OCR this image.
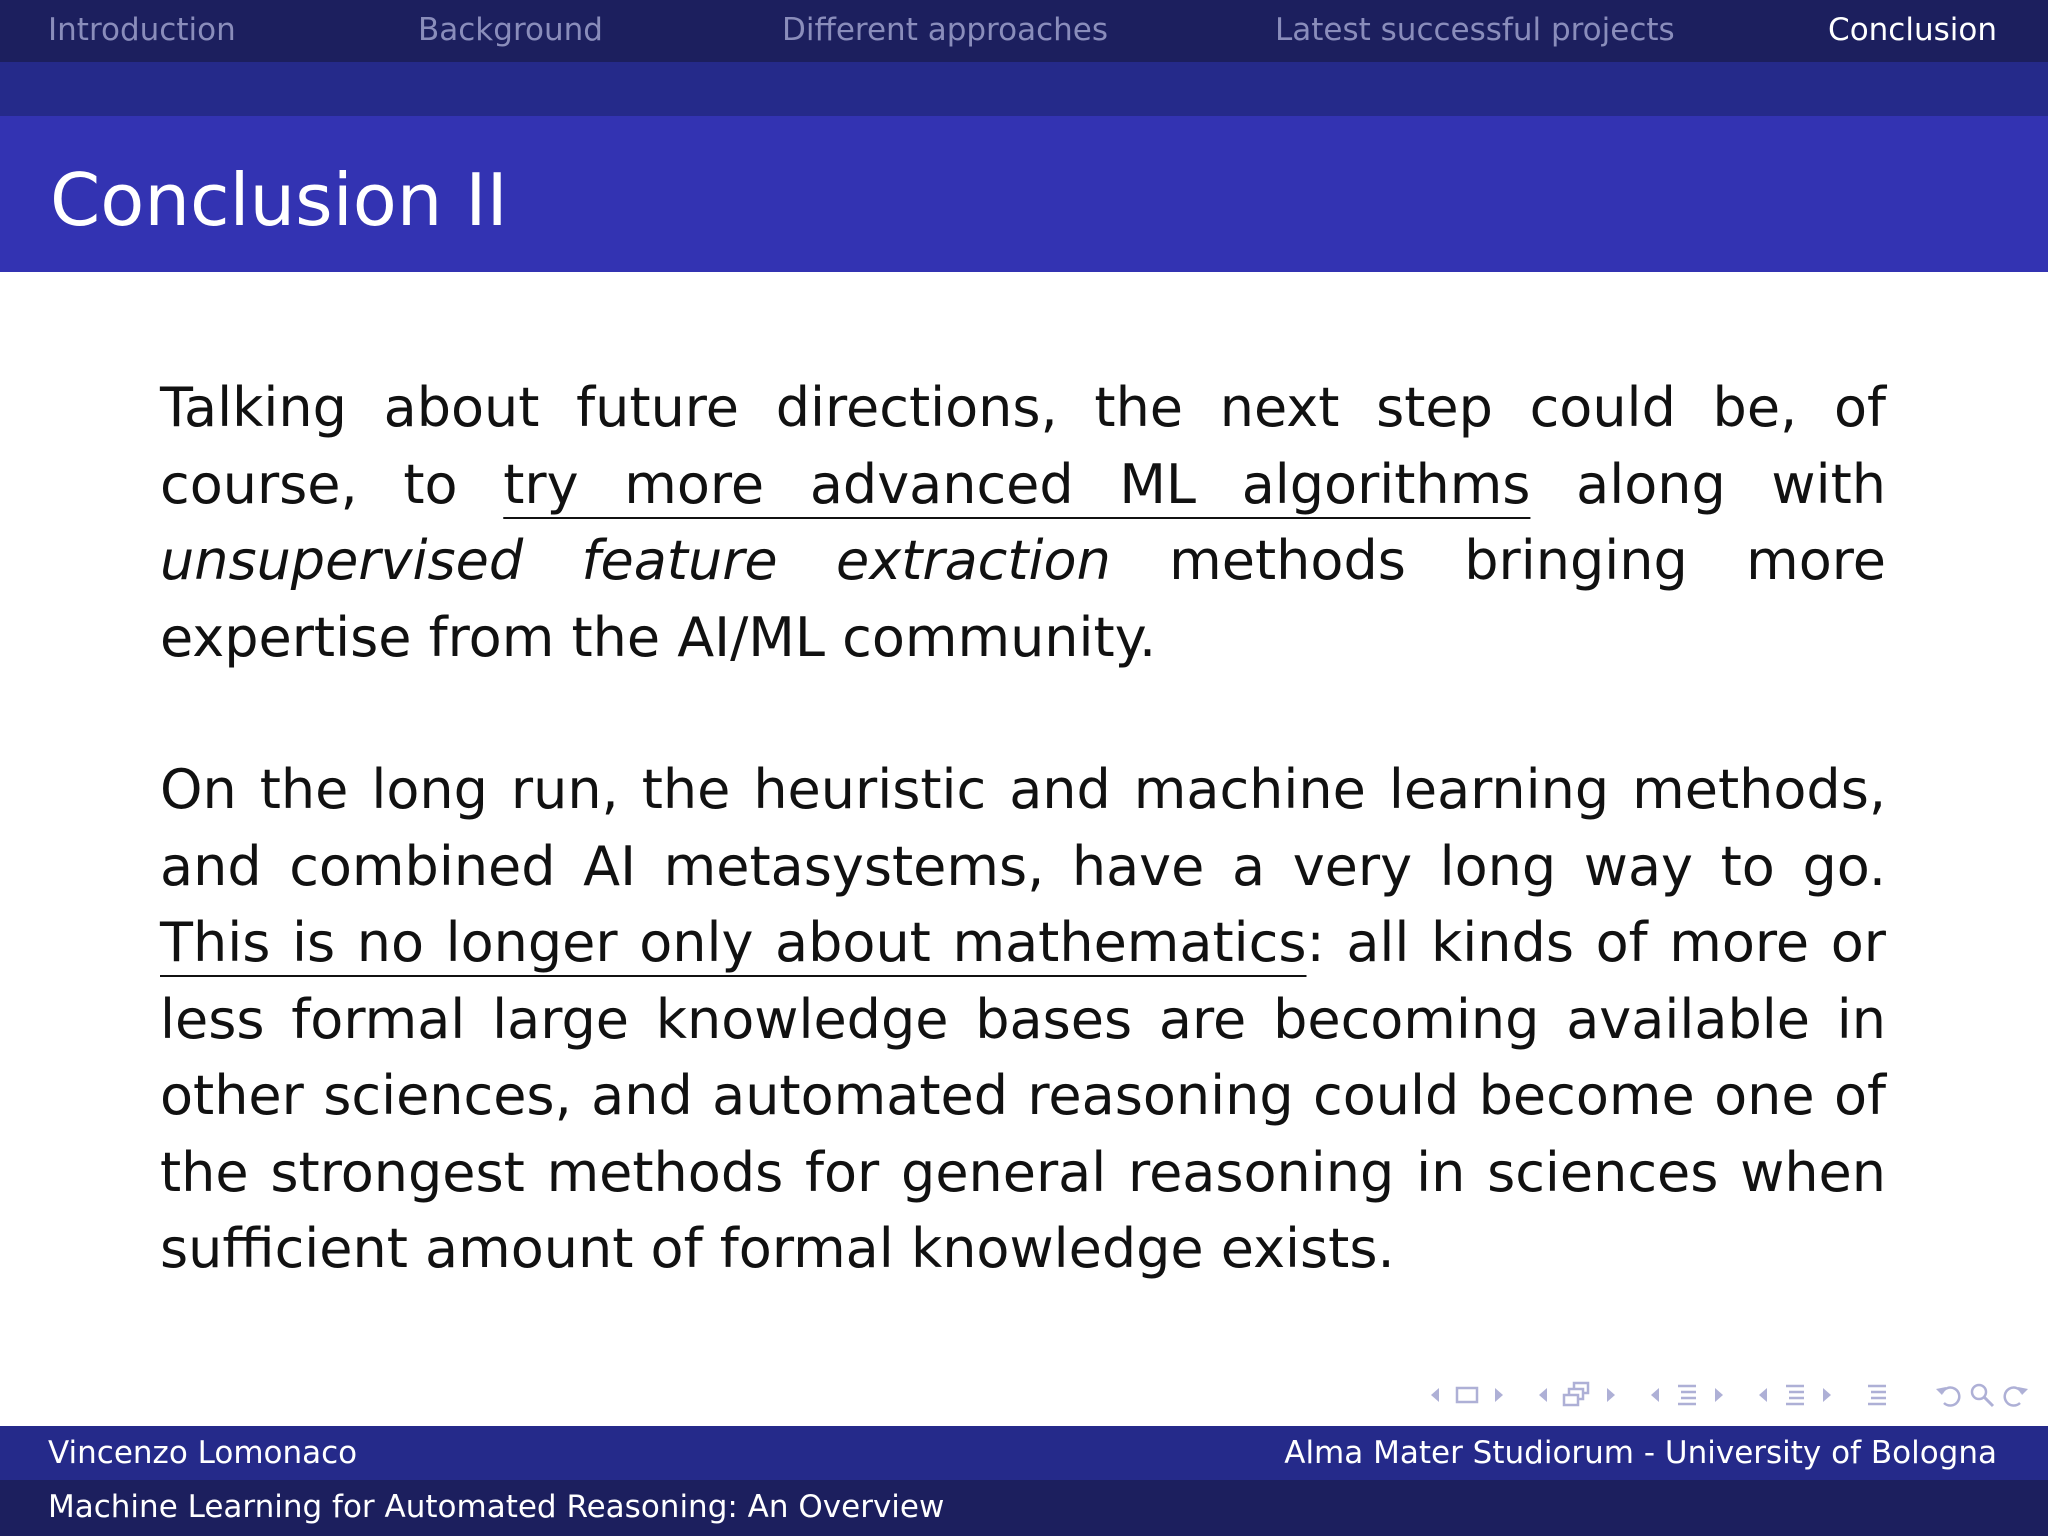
Introduction	Background	Different approaches	Latest successful projects	Conclusion
Conclusion II

Talking about future directions, the next step could be, of course, to try more advanced ML algorithms along with unsupervised feature extraction methods bringing more expertise from the AI/ML community.

On the long run, the heuristic and machine learning methods, and combined AI metasystems, have a very long way to go. This is no longer only about mathematics: all kinds of more or less formal large knowledge bases are becoming available in other sciences, and automated reasoning could become one of the strongest methods for general reasoning in sciences when sufficient amount of formal knowledge exists.

Vincenzo Lomonaco	Alma Mater Studiorum - University of Bologna
Machine Learning for Automated Reasoning: An Overview
